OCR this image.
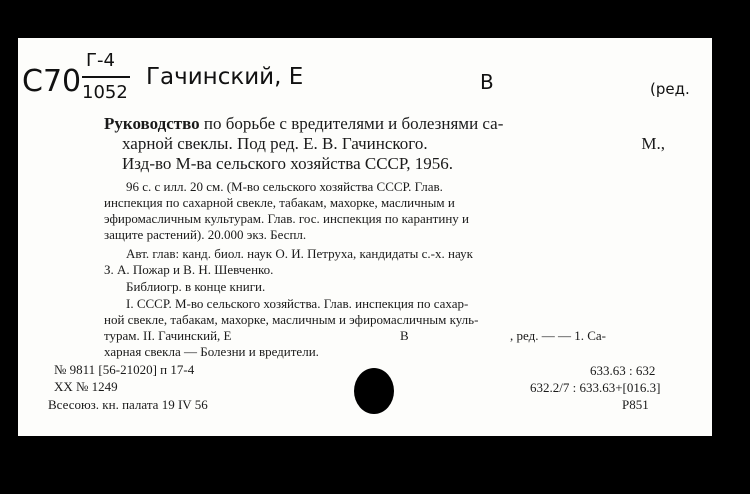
С70
Г-4
1052
Гачинский, Е	В	(ред.
Руководство по борьбе с вредителями и болезнями са-
харной свеклы. Под ред. Е. В. Гачинского.	М.,
Изд-во М-ва сельского хозяйства СССР, 1956.
96 с. с илл. 20 см. (М-во сельского хозяйства СССР. Глав.
инспекция по сахарной свекле, табакам, махорке, масличным и
эфиромасличным культурам. Глав. гос. инспекция по карантину и
защите растений). 20.000 экз. Беспл.
Авт. глав: канд. биол. наук О. И. Петруха, кандидаты с.-х. наук
З. А. Пожар и В. Н. Шевченко.
Библиогр. в конце книги.
I. СССР. М-во сельского хозяйства. Глав. инспекция по сахар-
ной свекле, табакам, махорке, масличным и эфиромасличным куль-
турам. II. Гачинский, Е	В	, ред. — — 1. Са-
харная свекла — Болезни и вредители.
№ 9811 [56-21020] п 17-4
XX № 1249
Всесоюз. кн. палата 19 IV 56
633.63 : 632
632.2/7 : 633.63+[016.3]
Р851
